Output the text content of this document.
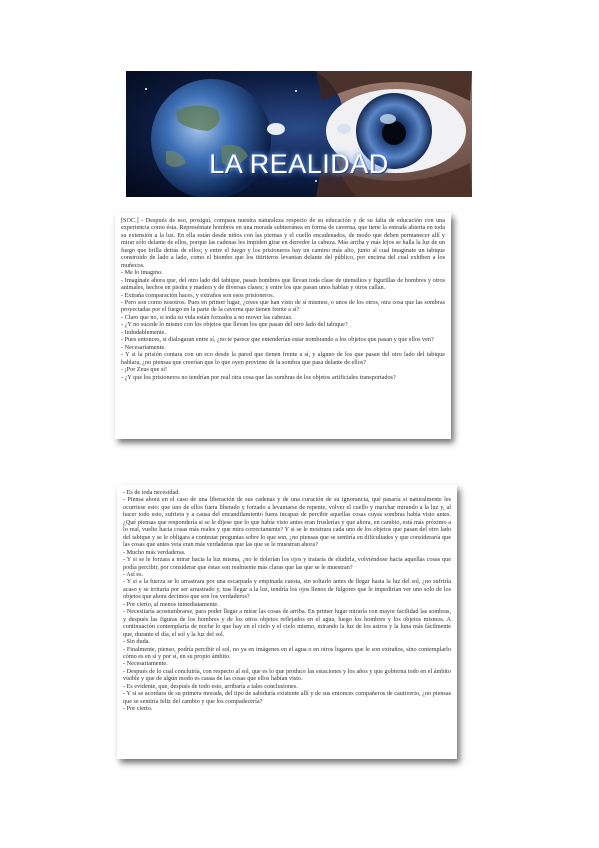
LA REALIDAD

[SÓC.] - Después de eso, prosiguí, compara nuestra naturaleza respecto de su educación y de su falta de educación con una experiencia como ésta. Represéntate hombres en una morada subterránea en forma de caverna, que tiene la entrada abierta en toda su extensión a la luz. En ella están desde niños con las piernas y el cuello encadenados, de modo que deben permanecer allí y mirar sólo delante de ellos, porque las cadenas les impiden girar en derredor la cabeza. Más arriba y más lejos se halla la luz de un fuego que brilla detrás de ellos; y entre el fuego y los prisioneros hay un camino más alto, junto al cual imagínate un tabique construido de lado a lado, como el biombo que los titiriteros levantan delante del público, por encima del cual exhiben a los muñecos.

- Me lo imagino.

- Imagínate ahora que, del otro lado del tabique, pasan hombres que llevan toda clase de utensilios y figurillas de hombres y otros animales, hechos en piedra y madera y de diversas clases; y entre los que pasan unos hablan y otros callan.

- Extraña comparación haces, y extraños son esos prisioneros.

- Pero son como nosotros. Pues en primer lugar, ¿crees que han visto de sí mismos, o unos de los otros, otra cosa que las sombras proyectadas por el fuego en la parte de la caverna que tienen frente a sí?

- Claro que no, si toda su vida están forzados a no mover las cabezas.

- ¿Y no sucede lo mismo con los objetos que llevan los que pasan del otro lado del tabique?

- Indudablemente.

- Pues entonces, si dialogaran entre sí, ¿no te parece que entenderían estar nombrando a los objetos que pasan y que ellos ven?

- Necesariamente.

- Y si la prisión contara con un eco desde la pared que tienen frente a sí, y alguno de los que pasan del otro lado del tabique hablara, ¿no piensas que creerían que lo que oyen proviene de la sombra que pasa delante de ellos?

- ¡Por Zeus que sí!

- ¿Y que los prisioneros no tendrían por real otra cosa que las sombras de los objetos artificiales transportados?

- Es de toda necesidad.

- Piensa ahora en el caso de una liberación de sus cadenas y de una curación de su ignorancia, qué pasaría si naturalmente les ocurriese esto: que uno de ellos fuera liberado y forzado a levantarse de repente, volver el cuello y marchar mirando a la luz y, al hacer todo esto, sufriera y a causa del encandilamiento fuera incapaz de percibir aquellas cosas cuyas sombras había visto antes. ¿Qué piensas que respondería si se le dijese que lo que había visto antes eran fruslerías y que ahora, en cambio, está más próximo a lo real, vuelto hacia cosas más reales y que mira correctamente? Y si se le mostrara cada uno de los objetos que pasan del otro lado del tabique y se le obligara a contestar preguntas sobre lo que son, ¿no piensas que se sentiría en dificultades y que consideraría que las cosas que antes veía eran más verdaderas que las que se le muestran ahora?

- Mucho más verdaderas.

- Y si se le forzara a mirar hacia la luz misma, ¿no le dolerían los ojos y trataría de eludirla, volviéndose hacia aquellas cosas que podía percibir, por considerar que éstas son realmente más claras que las que se le muestran?

- Así es.

- Y si a la fuerza se lo arrastrara por una escarpada y empinada cuesta, sin soltarlo antes de llegar hasta la luz del sol, ¿no sufriría acaso y se irritaría por ser arrastrado y, tras llegar a la luz, tendría los ojos llenos de fulgores que le impedirían ver uno solo de los objetos que ahora decimos que son los verdaderos?

- Por cierto, al menos inmediatamente.

- Necesitaría acostumbrarse, para poder llegar a mirar las cosas de arriba. En primer lugar miraría con mayor facilidad las sombras, y después las figuras de los hombres y de los otros objetos reflejados en el agua, luego los hombres y los objetos mismos. A continuación contemplaría de noche lo que hay en el cielo y el cielo mismo, mirando la luz de los astros y la luna más fácilmente que, durante el día, el sol y la luz del sol.

- Sin duda.

- Finalmente, pienso, podría percibir el sol, no ya en imágenes en el agua o en otros lugares que le son extraños, sino contemplarlo cómo es en sí y por sí, en su propio ámbito.

- Necesariamente.

- Después de lo cual concluiría, con respecto al sol, que es lo que produce las estaciones y los años y que gobierna todo en el ámbito visible y que de algún modo es causa de las cosas que ellos habían visto.

- Es evidente, que, después de todo esto, arribaría a tales conclusiones.

- Y si se acordara de su primera morada, del tipo de sabiduría existente allí y de sus entonces compañeros de cautiverio, ¿no piensas que se sentiría feliz del cambio y que los compadecería?

- Por cierto.
